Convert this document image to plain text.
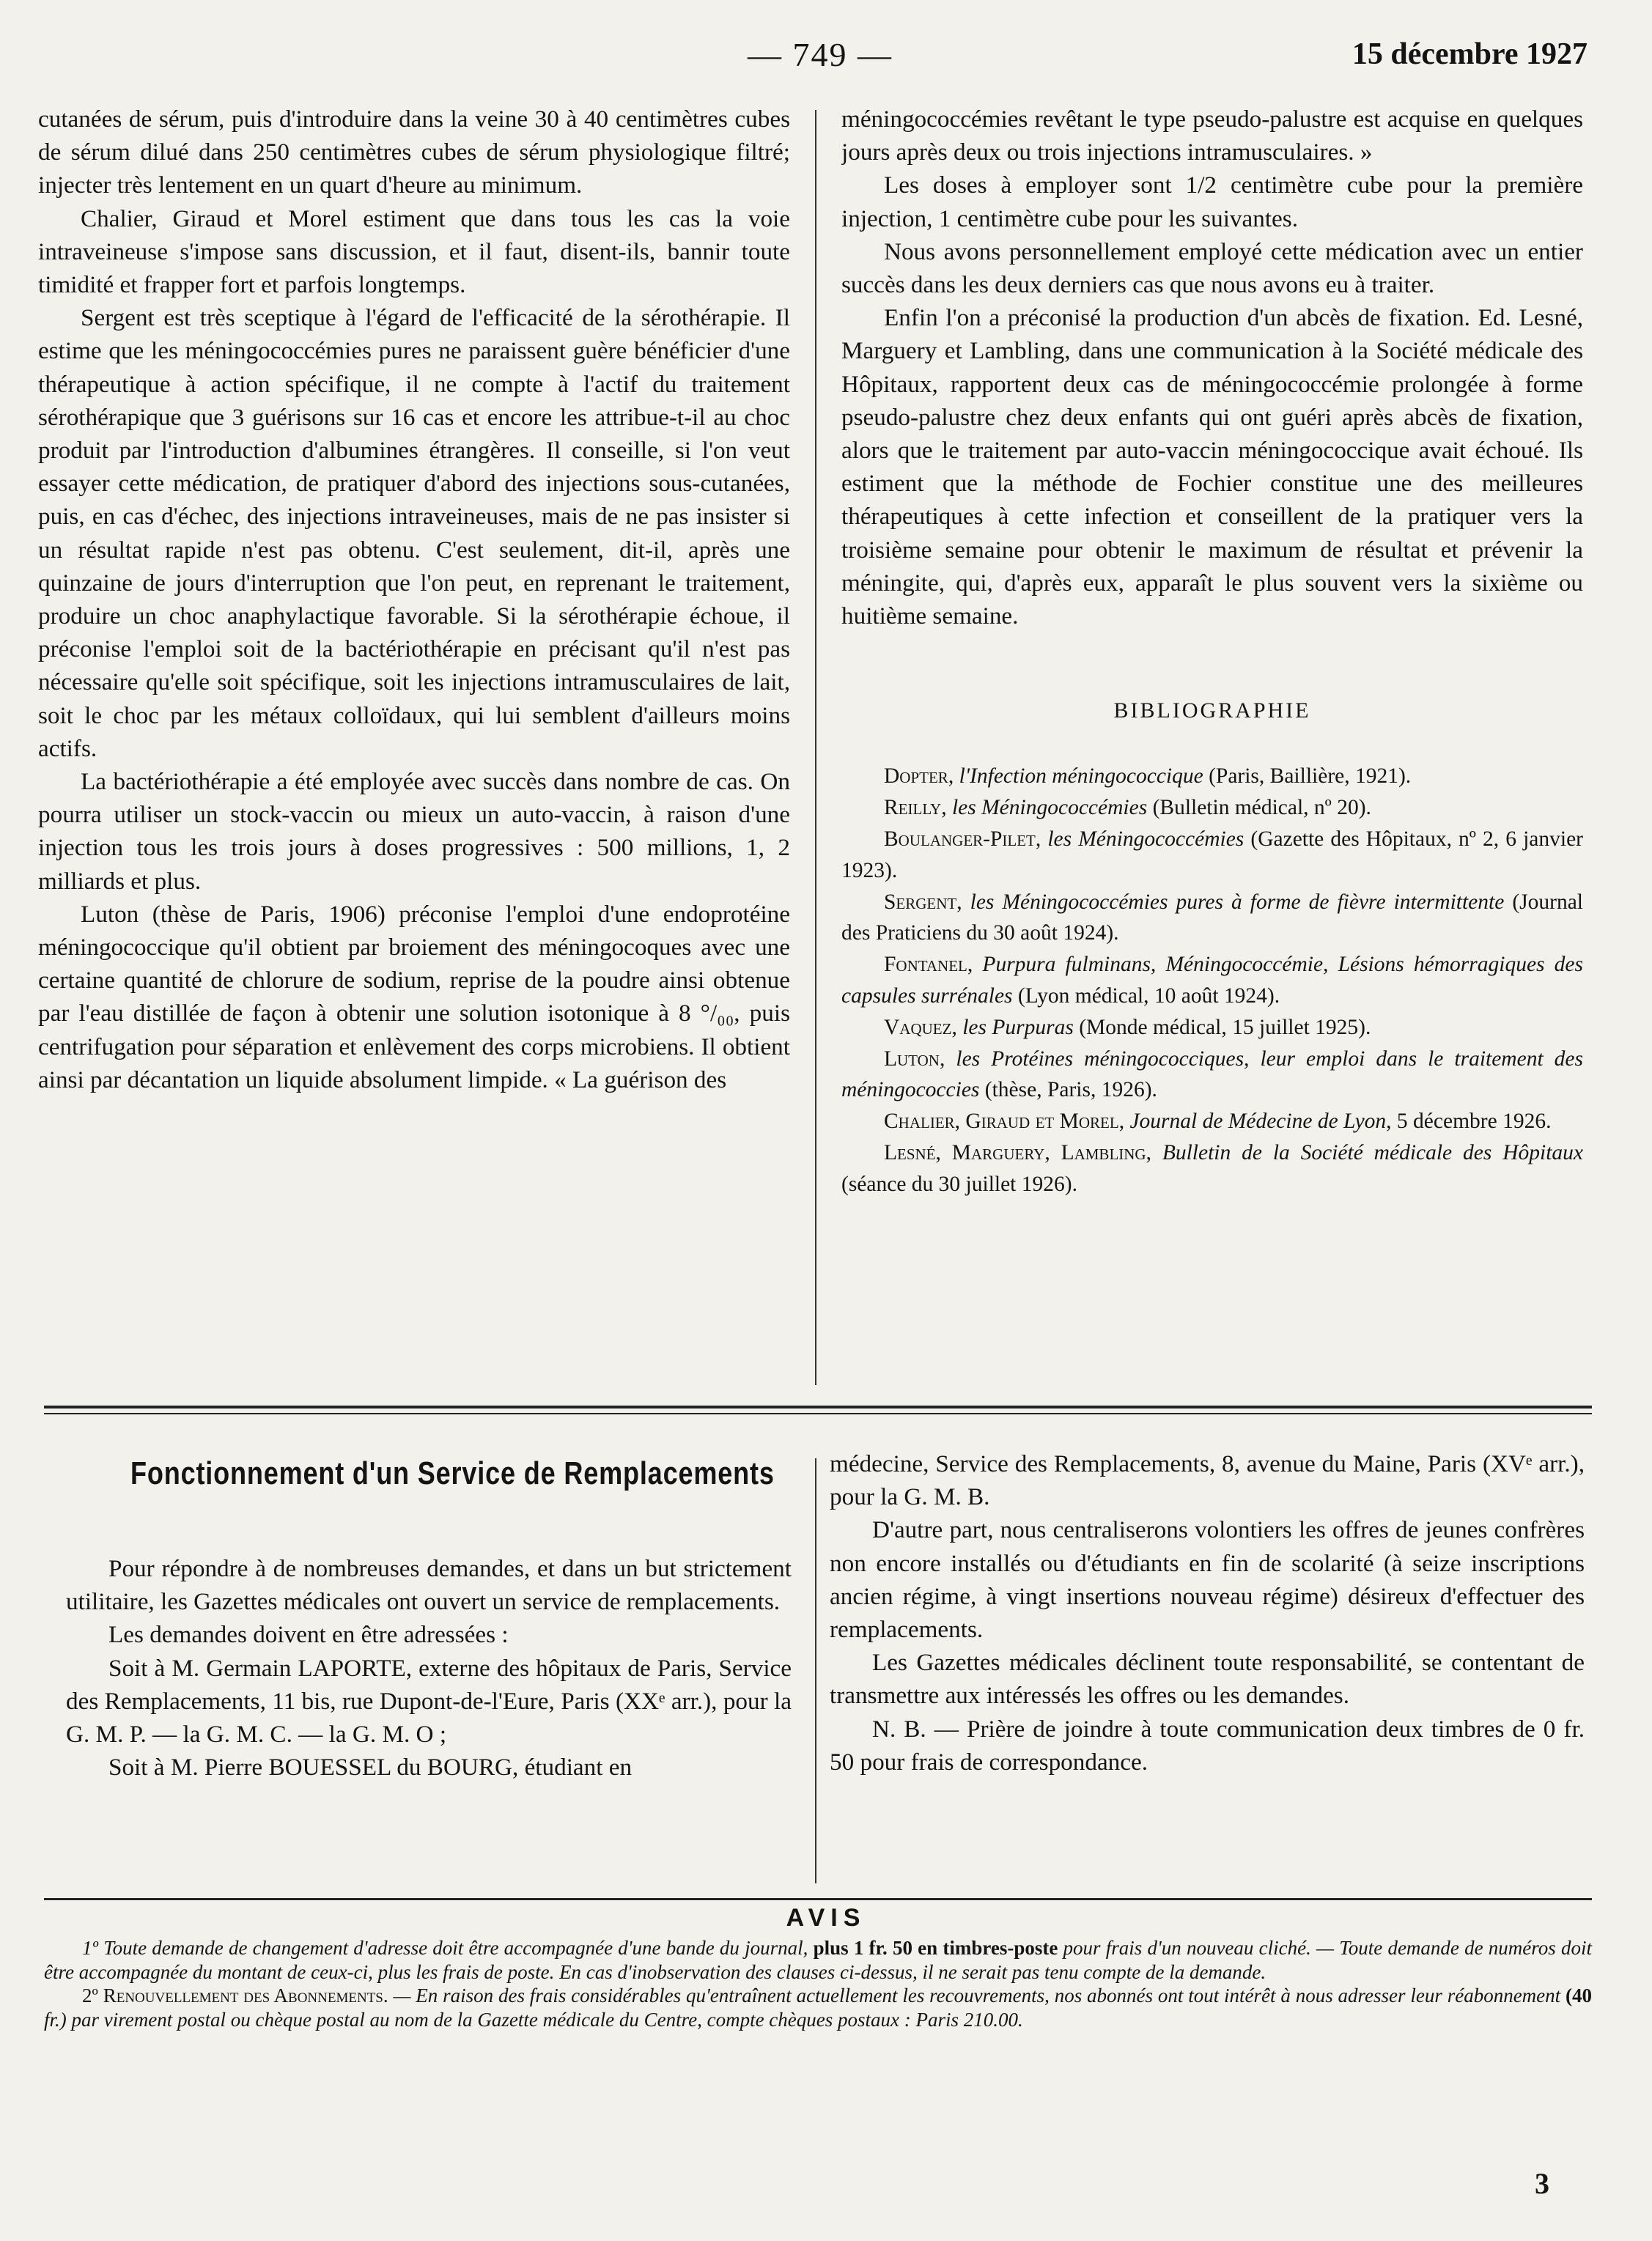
— 749 —	15 décembre 1927

cutanées de sérum, puis d'introduire dans la veine 30 à 40 centimètres cubes de sérum dilué dans 250 centimètres cubes de sérum physiologique filtré; injecter très lentement en un quart d'heure au minimum.

Chalier, Giraud et Morel estiment que dans tous les cas la voie intraveineuse s'impose sans discussion, et il faut, disent-ils, bannir toute timidité et frapper fort et parfois longtemps.

Sergent est très sceptique à l'égard de l'efficacité de la sérothérapie. Il estime que les méningococcémies pures ne paraissent guère bénéficier d'une thérapeutique à action spécifique, il ne compte à l'actif du traitement sérothérapique que 3 guérisons sur 16 cas et encore les attribue-t-il au choc produit par l'introduction d'albumines étrangères. Il conseille, si l'on veut essayer cette médication, de pratiquer d'abord des injections sous-cutanées, puis, en cas d'échec, des injections intraveineuses, mais de ne pas insister si un résultat rapide n'est pas obtenu. C'est seulement, dit-il, après une quinzaine de jours d'interruption que l'on peut, en reprenant le traitement, produire un choc anaphylactique favorable. Si la sérothérapie échoue, il préconise l'emploi soit de la bactériothérapie en précisant qu'il n'est pas nécessaire qu'elle soit spécifique, soit les injections intramusculaires de lait, soit le choc par les métaux colloïdaux, qui lui semblent d'ailleurs moins actifs.

La bactériothérapie a été employée avec succès dans nombre de cas. On pourra utiliser un stock-vaccin ou mieux un auto-vaccin, à raison d'une injection tous les trois jours à doses progressives : 500 millions, 1, 2 milliards et plus.

Luton (thèse de Paris, 1906) préconise l'emploi d'une endoprotéine méningococcique qu'il obtient par broiement des méningocoques avec une certaine quantité de chlorure de sodium, reprise de la poudre ainsi obtenue par l'eau distillée de façon à obtenir une solution isotonique à 8 °/₀₀, puis centrifugation pour séparation et enlèvement des corps microbiens. Il obtient ainsi par décantation un liquide absolument limpide. « La guérison des

méningococcémies revêtant le type pseudo-palustre est acquise en quelques jours après deux ou trois injections intramusculaires. »

Les doses à employer sont 1/2 centimètre cube pour la première injection, 1 centimètre cube pour les suivantes.

Nous avons personnellement employé cette médication avec un entier succès dans les deux derniers cas que nous avons eu à traiter.

Enfin l'on a préconisé la production d'un abcès de fixation. Ed. Lesné, Marguery et Lambling, dans une communication à la Société médicale des Hôpitaux, rapportent deux cas de méningococcémie prolongée à forme pseudo-palustre chez deux enfants qui ont guéri après abcès de fixation, alors que le traitement par auto-vaccin méningococcique avait échoué. Ils estiment que la méthode de Fochier constitue une des meilleures thérapeutiques à cette infection et conseillent de la pratiquer vers la troisième semaine pour obtenir le maximum de résultat et prévenir la méningite, qui, d'après eux, apparaît le plus souvent vers la sixième ou huitième semaine.

BIBLIOGRAPHIE

Dopter, l'Infection méningococcique (Paris, Baillière, 1921).

Reilly, les Méningococcémies (Bulletin médical, nº 20).

Boulanger-Pilet, les Méningococcémies (Gazette des Hôpitaux, nº 2, 6 janvier 1923).

Sergent, les Méningococcémies pures à forme de fièvre intermittente (Journal des Praticiens du 30 août 1924).

Fontanel, Purpura fulminans, Méningococcémie, Lésions hémorragiques des capsules surrénales (Lyon médical, 10 août 1924).

Vaquez, les Purpuras (Monde médical, 15 juillet 1925).

Luton, les Protéines méningococciques, leur emploi dans le traitement des méningococcies (thèse, Paris, 1926).

Chalier, Giraud et Morel, Journal de Médecine de Lyon, 5 décembre 1926.

Lesné, Marguery, Lambling, Bulletin de la Société médicale des Hôpitaux (séance du 30 juillet 1926).

Fonctionnement d'un Service de Remplacements

Pour répondre à de nombreuses demandes, et dans un but strictement utilitaire, les Gazettes médicales ont ouvert un service de remplacements.

Les demandes doivent en être adressées :

Soit à M. Germain LAPORTE, externe des hôpitaux de Paris, Service des Remplacements, 11 bis, rue Dupont-de-l'Eure, Paris (XXᵉ arr.), pour la G. M. P. — la G. M. C. — la G. M. O ;

Soit à M. Pierre BOUESSEL du BOURG, étudiant en

médecine, Service des Remplacements, 8, avenue du Maine, Paris (XVᵉ arr.), pour la G. M. B.

D'autre part, nous centraliserons volontiers les offres de jeunes confrères non encore installés ou d'étudiants en fin de scolarité (à seize inscriptions ancien régime, à vingt insertions nouveau régime) désireux d'effectuer des remplacements.

Les Gazettes médicales déclinent toute responsabilité, se contentant de transmettre aux intéressés les offres ou les demandes.

N. B. — Prière de joindre à toute communication deux timbres de 0 fr. 50 pour frais de correspondance.

AVIS

1º Toute demande de changement d'adresse doit être accompagnée d'une bande du journal, plus 1 fr. 50 en timbres-poste pour frais d'un nouveau cliché. — Toute demande de numéros doit être accompagnée du montant de ceux-ci, plus les frais de poste. En cas d'inobservation des clauses ci-dessus, il ne serait pas tenu compte de la demande.

2º Renouvellement des Abonnements. — En raison des frais considérables qu'entraînent actuellement les recouvrements, nos abonnés ont tout intérêt à nous adresser leur réabonnement (40 fr.) par virement postal ou chèque postal au nom de la Gazette médicale du Centre, compte chèques postaux : Paris 210.00.

3
